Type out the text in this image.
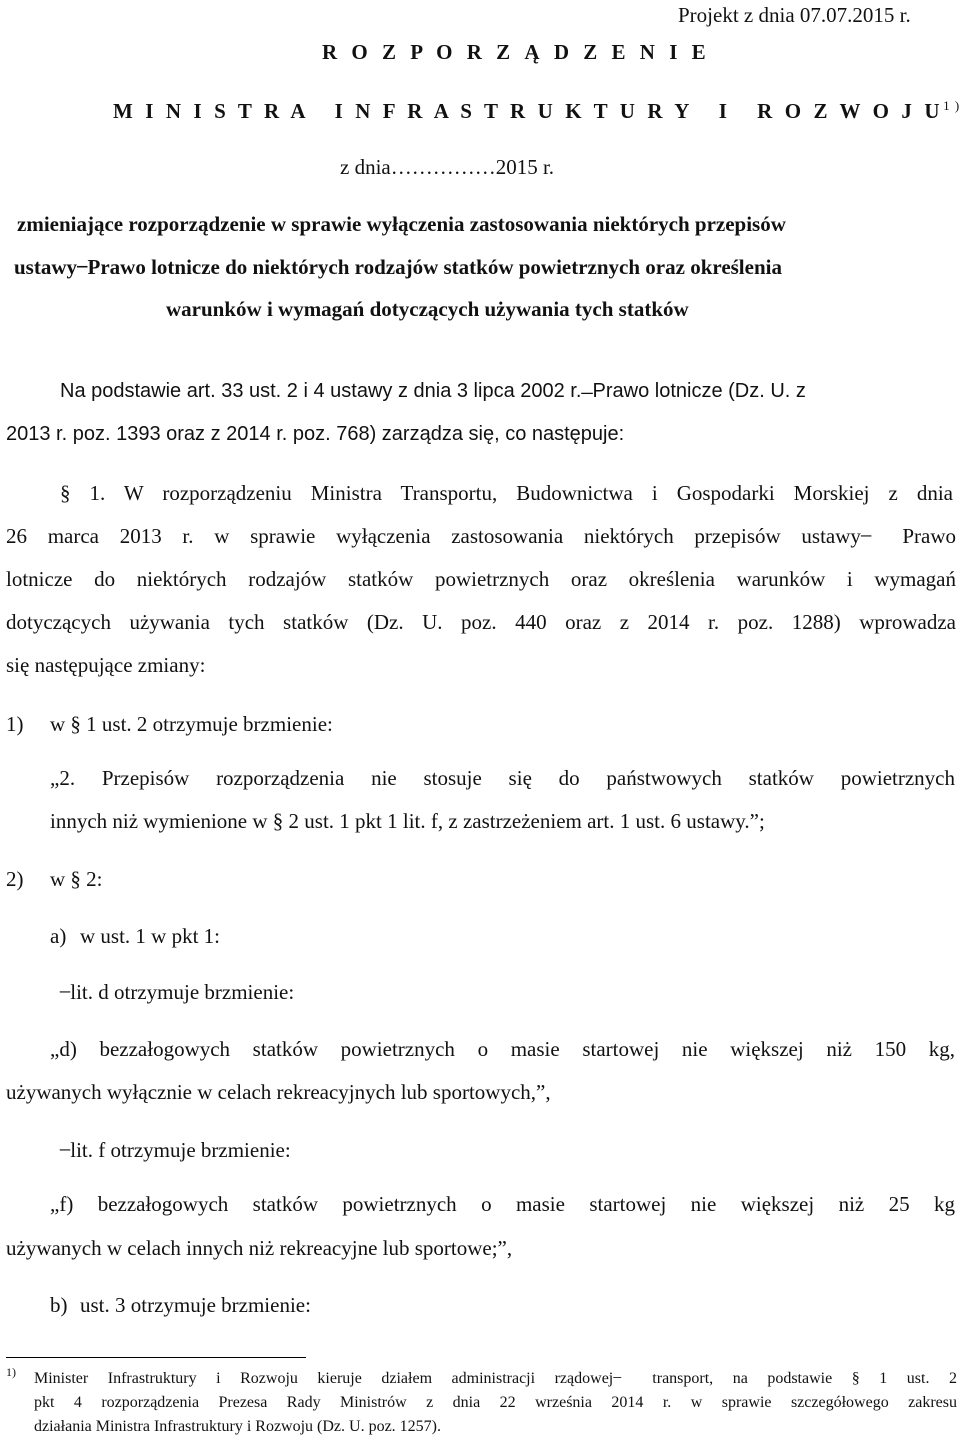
Projekt z dnia 07.07.2015 r.
R O Z P O R Z Ą D Z E N I E
M I N I S T R A   I N F R A S T R U K T U R Y   I   R O Z W O J $U^{1 )}$
z dnia……………2015 r.
zmieniające rozporządzenie w sprawie wyłączenia zastosowania niektórych przepisów
ustawy ̶ Prawo lotnicze do niektórych rodzajów statków powietrznych oraz określenia
warunków i wymagań dotyczących używania tych statków
Na podstawie art. 33 ust. 2 i 4 ustawy z dnia 3 lipca 2002 r. ̶ Prawo lotnicze (Dz. U. z
2013 r. poz. 1393 oraz z 2014 r. poz. 768) zarządza się, co następuje:
§ 1. W rozporządzeniu Ministra Transportu, Budownictwa i Gospodarki Morskiej z dnia
26 marca 2013 r. w sprawie wyłączenia zastosowania niektórych przepisów ustawy ̶ Prawo
lotnicze do niektórych rodzajów statków powietrznych oraz określenia warunków i wymagań
dotyczących używania tych statków (Dz. U. poz. 440 oraz z 2014 r. poz. 1288) wprowadza
się następujące zmiany:
1) w § 1 ust. 2 otrzymuje brzmienie:
„2. Przepisów rozporządzenia nie stosuje się do państwowych statków powietrznych
innych niż wymienione w § 2 ust. 1 pkt 1 lit. f, z zastrzeżeniem art. 1 ust. 6 ustawy.”;
2) w § 2:
a) w ust. 1 w pkt 1:
̶ lit. d otrzymuje brzmienie:
„d) bezzałogowych statków powietrznych o masie startowej nie większej niż 150 kg,
używanych wyłącznie w celach rekreacyjnych lub sportowych,”,
̶ lit. f otrzymuje brzmienie:
„f) bezzałogowych statków powietrznych o masie startowej nie większej niż 25 kg
używanych w celach innych niż rekreacyjne lub sportowe;”,
b) ust. 3 otrzymuje brzmienie:
1) Minister Infrastruktury i Rozwoju kieruje działem administracji rządowej ̶ transport, na podstawie § 1 ust. 2
pkt 4 rozporządzenia Prezesa Rady Ministrów z dnia 22 września 2014 r. w sprawie szczegółowego zakresu
działania Ministra Infrastruktury i Rozwoju (Dz. U. poz. 1257).
